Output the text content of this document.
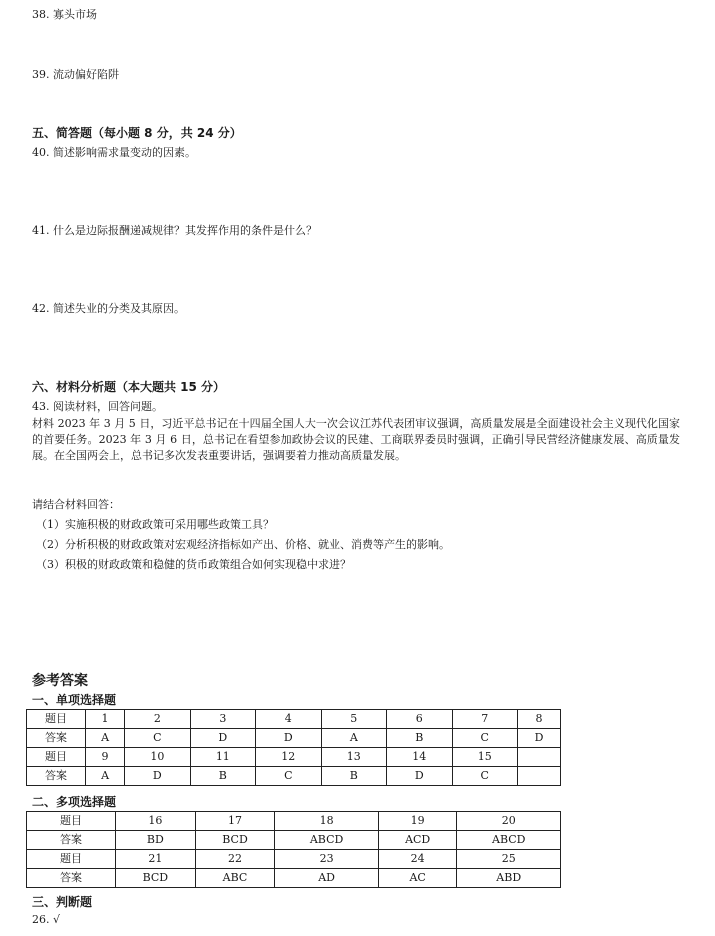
38. 寡头市场
39. 流动偏好陷阱
五、简答题（每小题 8 分，共 24 分）
40. 简述影响需求量变动的因素。
41. 什么是边际报酬递减规律？其发挥作用的条件是什么？
42. 简述失业的分类及其原因。
六、材料分析题（本大题共 15 分）
43. 阅读材料，回答问题。
材料 2023 年 3 月 5 日，习近平总书记在十四届全国人大一次会议江苏代表团审议强调，高质量发展是全面建设社会主义现代化国家的首要任务。2023 年 3 月 6 日，总书记在看望参加政协会议的民建、工商联界委员时强调，正确引导民营经济健康发展、高质量发展。在全国两会上，总书记多次发表重要讲话，强调要着力推动高质量发展。
请结合材料回答：
（1）实施积极的财政政策可采用哪些政策工具？
（2）分析积极的财政政策对宏观经济指标如产出、价格、就业、消费等产生的影响。
（3）积极的财政政策和稳健的货币政策组合如何实现稳中求进？
参考答案
一、单项选择题
题目	1	2	3	4	5	6	7	8
答案	A	C	D	D	A	B	C	D
题目	9	10	11	12	13	14	15	
答案	A	D	B	C	B	D	C	
二、多项选择题
题目	16	17	18	19	20
答案	BD	BCD	ABCD	ACD	ABCD
题目	21	22	23	24	25
答案	BCD	ABC	AD	AC	ABD
三、判断题
26. √
